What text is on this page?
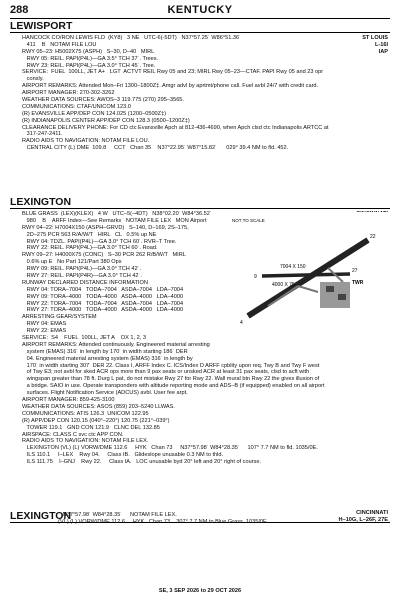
288	KENTUCKY
LEWISPORT
ST LOUIS
L-16I
IAP
HANCOCK CO/RON LEWIS FLD  (KY8)   3 NE   UTC-6(-5DT)   N37°57.25´ W86°51.36´
411    B   NOTAM FILE LOU
RWY 05–23: H5002X75 (ASPH)   S–30, D–40   MIRL
RWY 05: REIL. PAPI(P4L)—GA 3.5° TCH 37´. Trees.
RWY 23: REIL. PAPI(P4L)—GA 3.0° TCH 45´. Tree.
SERVICE:  FUEL  100LL, JET A+   LGT  ACTVT REIL Rwy 05 and 23; MIRL Rwy 05–23—CTAF. PAPI Rwy 05 and 23 opr
consly.
AIRPORT REMARKS: Attended Mon–Fri 1300–1800Z‡. Amgr advl by aprtmt/phone call. Fuel avbl 24/7 with credit card.
AIRPORT MANAGER: 270-302-3262
WEATHER DATA SOURCES: AWOS–3 119.775 (270) 295–3565.
COMMUNICATIONS: CTAF/UNICOM 123.0
(R) EVANSVILLE APP/DEP CON 124.025 (1200–0500Z‡)
(R) INDIANAPOLIS CENTER APP/DEP CON 128.3 (0500–1200Z‡)
CLEARANCE DELIVERY PHONE: For CD ctc Evansville Apch at 812-436-4690, when Apch clsd ctc Indianapolis ARTCC at
317-247-2411.
RADIO AIDS TO NAVIGATION: NOTAM FILE LOU.
CENTRAL CITY (L) DME  109.8     CCT   Chan 35    N37°22.95´ W87°15.82´      029° 39.4 NM to fld. 452.
LEXINGTON
BLUE GRASS  (LEX)(KLEX)   4 W   UTC–5(–4DT)   N38°02.20´ W84°36.52´
980    B    ARFF Index—See Remarks   NOTAM FILE LEX   MON Airport
RWY 04–22: H7004X150 (ASPH–GRVD)   S–140, D–169, 2S–175,
2D–275 PCR 563 R/A/W/T   HIRL   CL   0.5% up NE
RWY 04: TDZL. PAPI(P4L)—GA 3.0° TCH 60´. RVR–T Tree.
RWY 22: REIL. PAPI(P4L)—GA 3.0° TCH 60´. Road.
RWY 09–27: H4000X75 (CONC)   S–30 PCR 262 R/B/W/T   MIRL
0.6% up E   No Part 121/Part 380 Ops
RWY 09: REIL. PAPI(P4L)—GA 3.0° TCH 42´.
RWY 27: REIL. PAPI(P4R)—GA 3.0° TCH 42´.
RUNWAY DECLARED DISTANCE INFORMATION
RWY 04: TORA–7004   TODA–7004   ASDA–7004   LDA–7004
RWY 09: TORA–4000   TODA–4000   ASDA–4000   LDA–4000
RWY 22: TORA–7004   TODA–7004   ASDA–7004   LDA–7004
RWY 27: TORA–4000   TODA–4000   ASDA–4000   LDA–4000
ARRESTING GEAR/SYSTEM
RWY 04: EMAS
RWY 22: EMAS
SERVICE:  S4    FUEL  100LL, JET A    OX 1, 2, 3
AIRPORT REMARKS: Attended continuously. Engineered material arresting
system (EMAS) 316´ in length by 170´ in width starting 186´ DER
04. Engineered material arresting system (EMAS) 316´ in length by
170´ in width starting 307´ DER 22. Class I, ARFF Index C. ICS/Index D ARFF cpblity upon req. Twy B and Twy F west
of Twy E3; not avbl for sked ACR ops more than 9 pax seats or unsked ACR at least 31 pax seats, clsd to acft with
wingspan greater than 78 ft. Durg L pat, do not mistake Rwy 27 for Rwy 22. Wall mural btn Rwy 22 the gives illusion of
a bridge. SAIO in use. Operate transponders with altitude reporting mode and ADS–B (if equipped) enabled on all airport
surfaces. Flight Notification Service (ADCUS) avbl. User fee arpt.
AIRPORT MANAGER: 859-425-3100
WEATHER DATA SOURCES: ASOS (859) 203–5240 LLWAS.
COMMUNICATIONS: ATIS 126.3  UNICOM 122.95
(R) APP/DEP CON 120.15 (040°–220°) 120.75 (221°–039°)
TOWER 119.1   GND CON 121.9   CLNC DEL 132.85
AIRSPACE: CLASS C svc ctc APP CON.
RADIO AIDS TO NAVIGATION: NOTAM FILE LEX.
LEXINGTON (VL) (L) VORW/DME 112.6     HYK   Chan 73     N37°57.98´ W84°28.35´     107° 7.7 NM to fld. 1035/0E.
ILS 110.1     I–LEX    Rwy 04.     Class IB.   Glideslope unusable 0.3 NM to thld.
ILS 111.75    I–GNJ    Rwy 22.     Class IA.   LOC unusable byd 20° left and 20° right of course.
7004 X 150
4000 X 75	TWR
4
22
9
27
NOT TO SCALE
LEXINGTON	CINCINNATI
H–10G, L–26F, 27E
N37°57.98´ W84°28.35´     NOTAM FILE LEX.
(VL) (L) VORW/DME 112.6     HYK   Chan 73    307° 7.7 NM to Blue Grass. 1035/0E.
SE, 3 SEP 2026 to 29 OCT 2026
